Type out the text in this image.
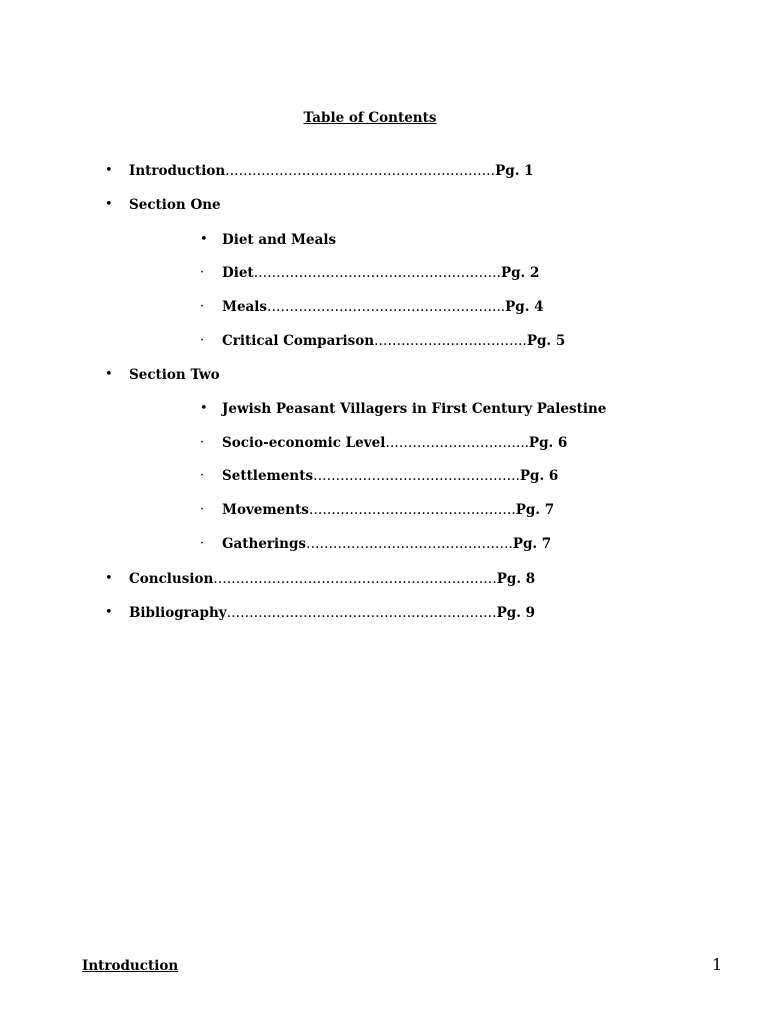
Table of Contents
• Introduction……………………………………………………Pg. 1
• Section One
• Diet and Meals
· Diet……………………………………………….Pg. 2
· Meals……………………………………………..Pg. 4
· Critical Comparison…………………………….Pg. 5
• Section Two
• Jewish Peasant Villagers in First Century Palestine
· Socio-economic Level…………………………..Pg. 6
· Settlements……………………………………….Pg. 6
· Movements……………………………………….Pg. 7
· Gatherings……………………………………….Pg. 7
• Conclusion………………………………………………………Pg. 8
• Bibliography……………………………………………………Pg. 9
Introduction	1
